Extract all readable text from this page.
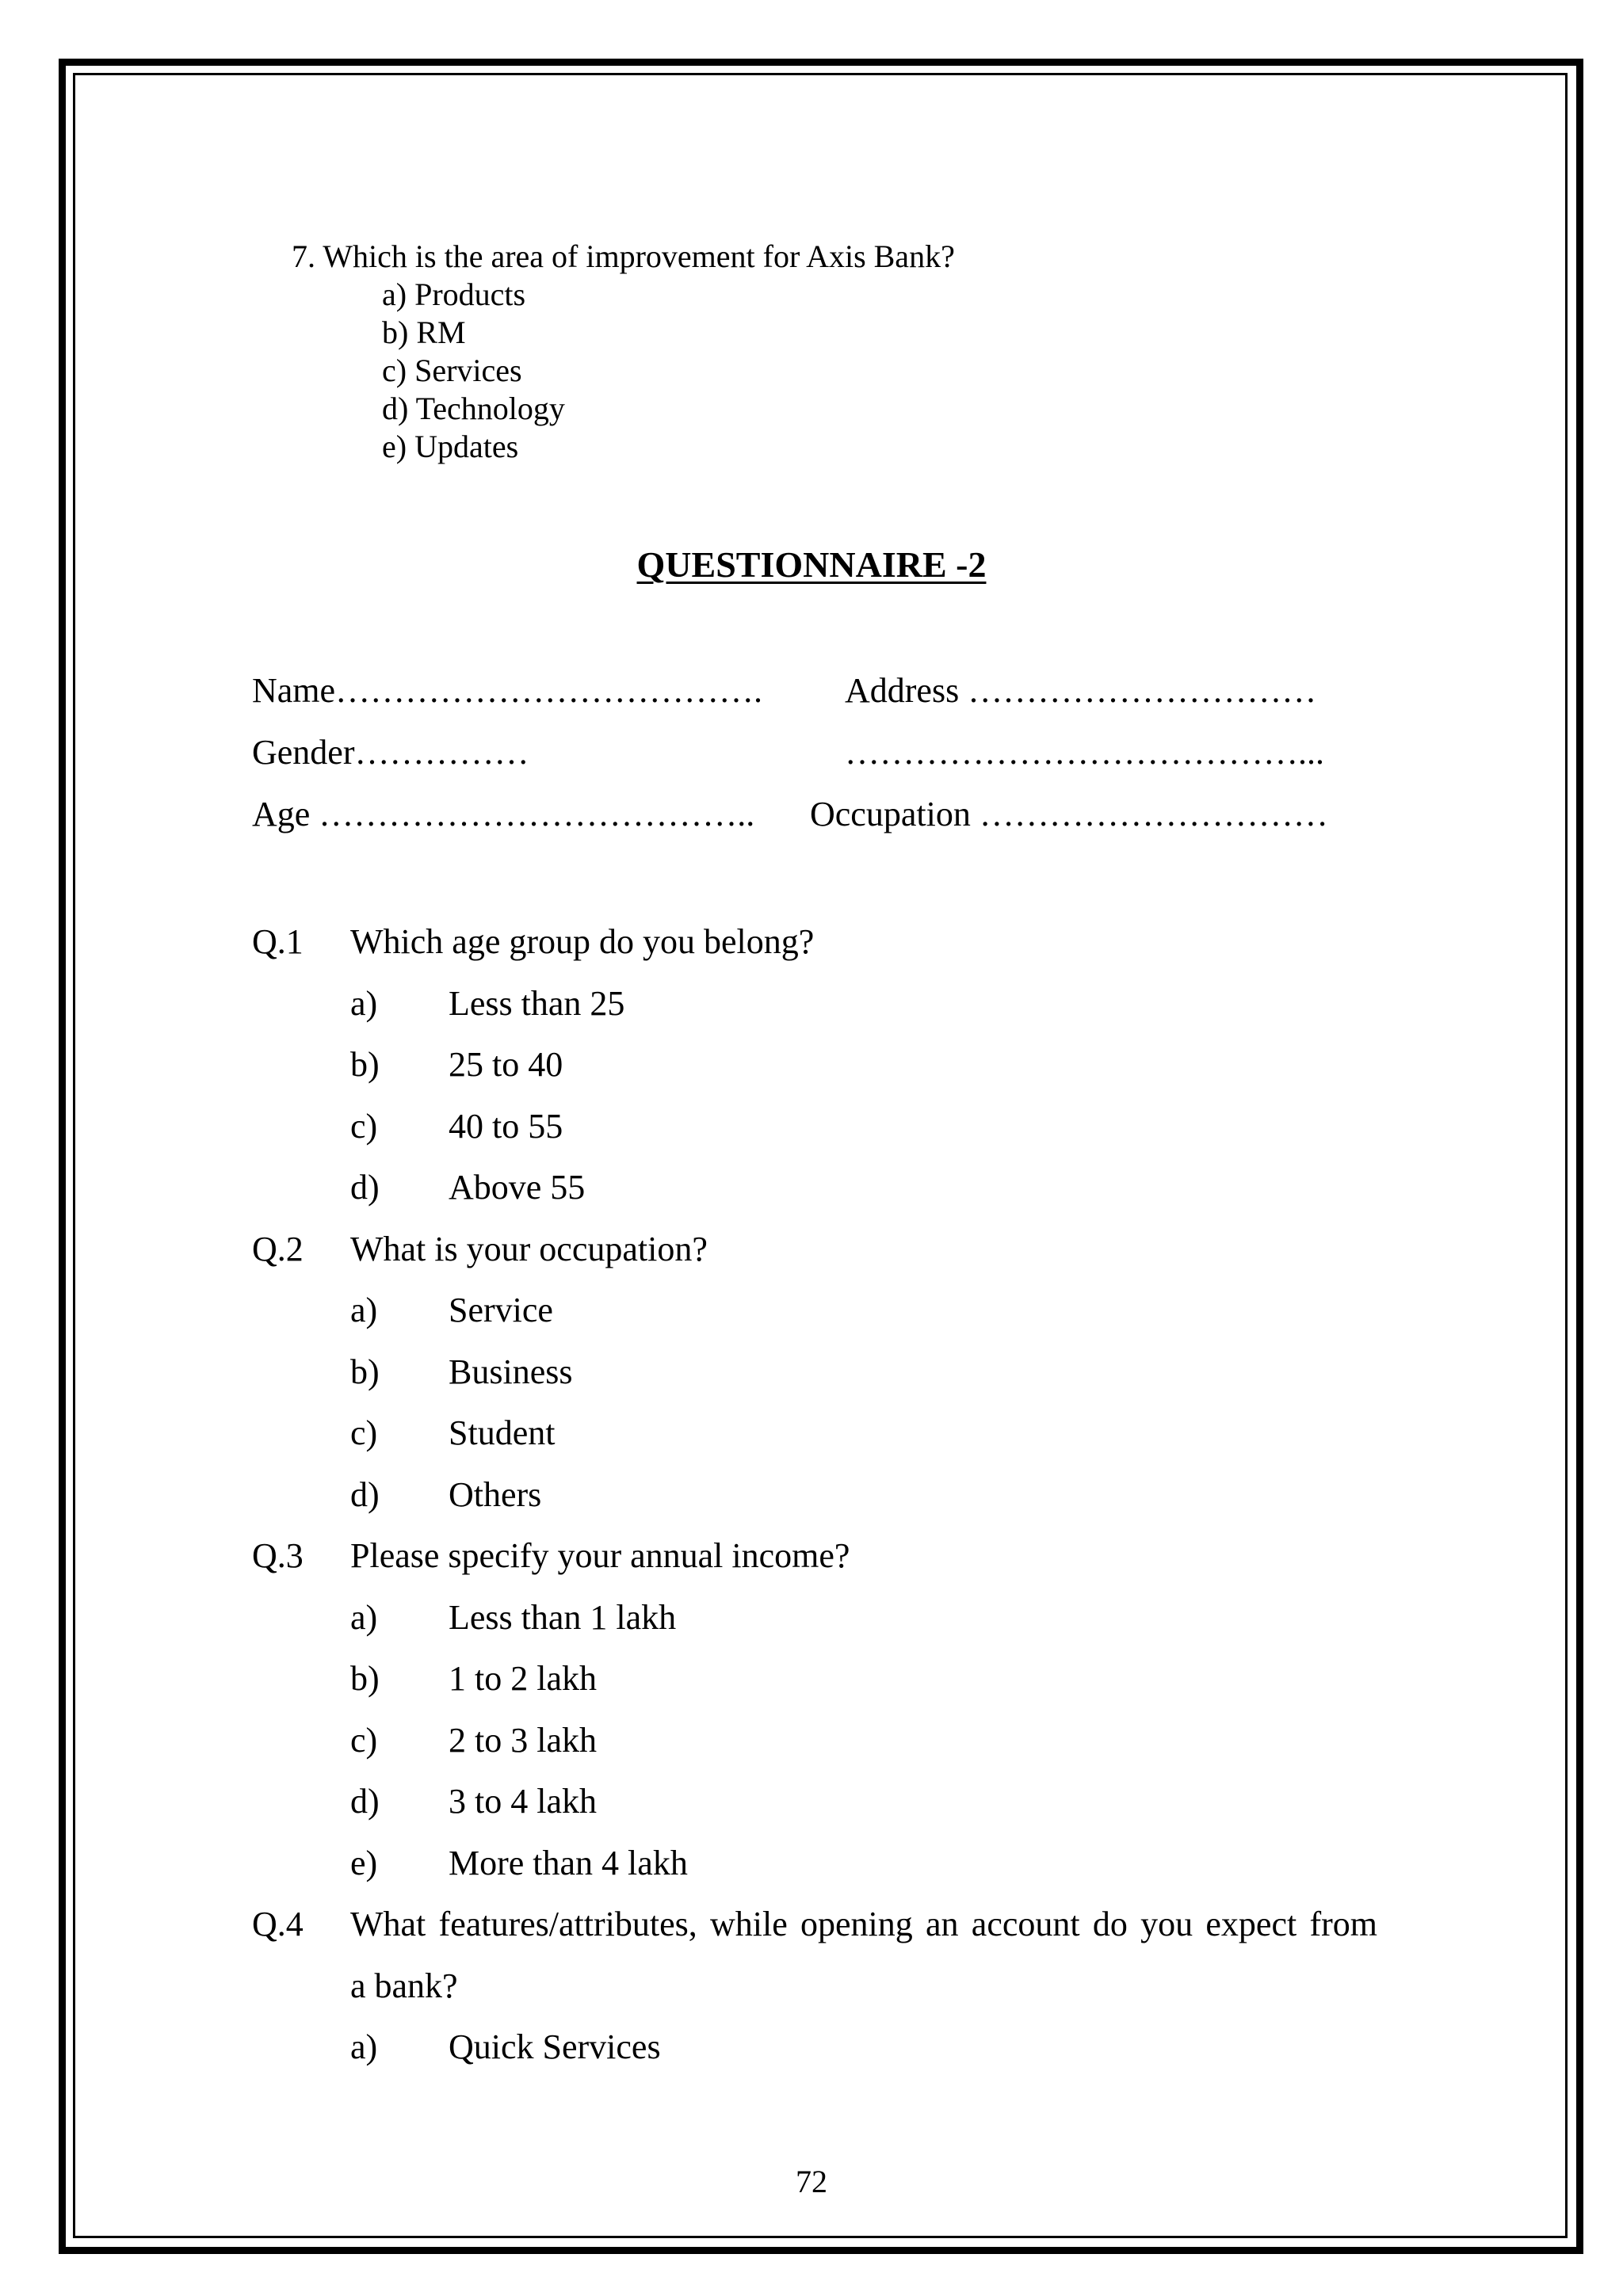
7. Which is the area of improvement for Axis Bank?
a) Products
b) RM
c) Services
d) Technology
e) Updates
QUESTIONNAIRE -2
Name………………………………. Address …………………………
Gender……………	…………………………………...
Age ……………………………….. Occupation …………………………
Q.1 Which age group do you belong?
a) Less than 25
b) 25 to 40
c) 40 to 55
d) Above 55
Q.2 What is your occupation?
a) Service
b) Business
c) Student
d) Others
Q.3 Please specify your annual income?
a) Less than 1 lakh
b) 1 to 2 lakh
c) 2 to 3 lakh
d) 3 to 4 lakh
e) More than 4 lakh
Q.4 What features/attributes, while opening an account do you expect from
a bank?
a) Quick Services
72
